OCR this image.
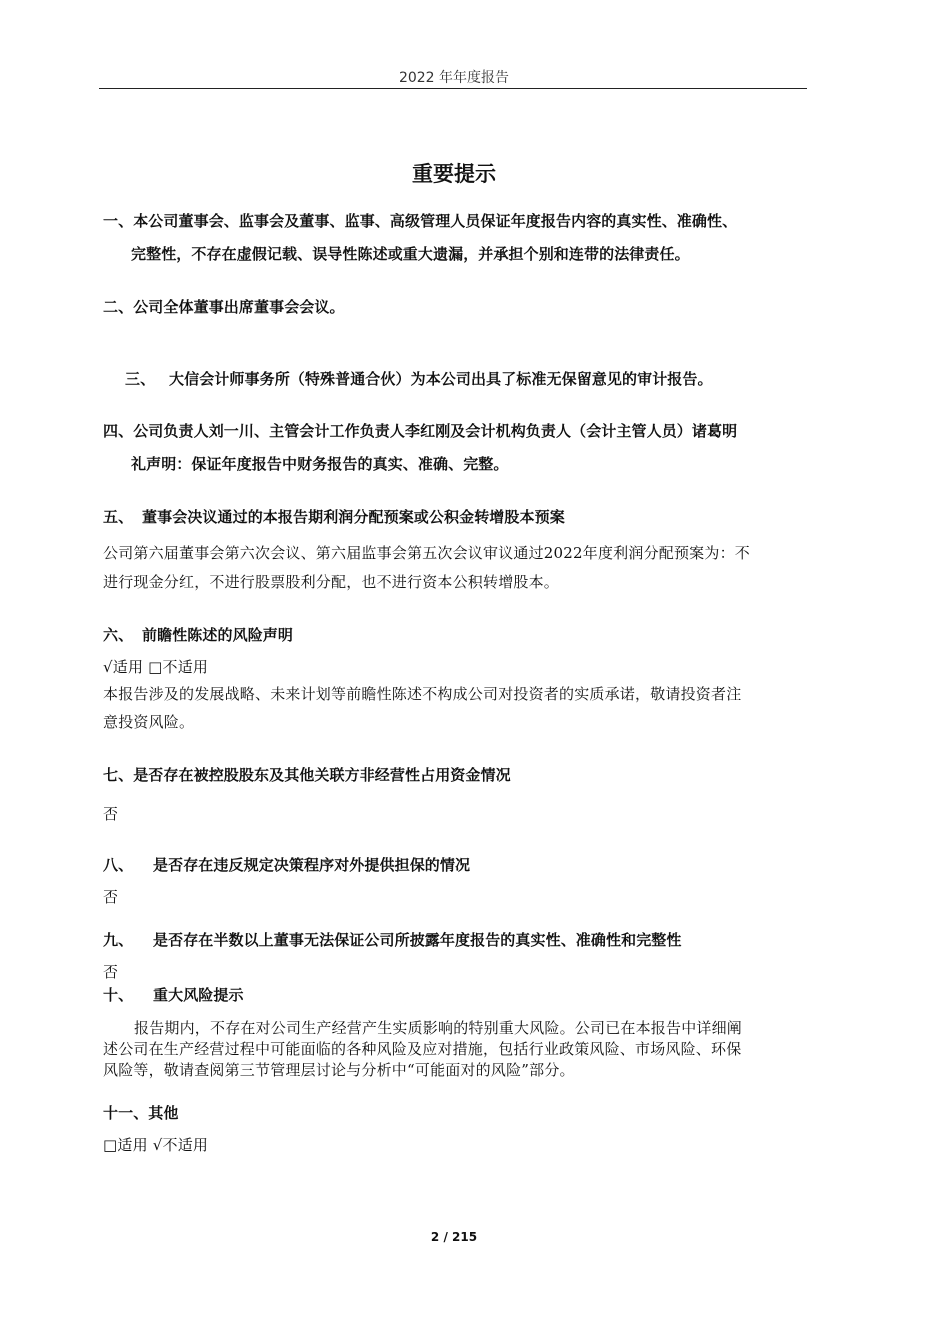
2022 年年度报告
重要提示
一、本公司董事会、监事会及董事、监事、高级管理人员保证年度报告内容的真实性、准确性、
完整性，不存在虚假记载、误导性陈述或重大遗漏，并承担个别和连带的法律责任。
二、公司全体董事出席董事会会议。
三、 大信会计师事务所（特殊普通合伙）为本公司出具了标准无保留意见的审计报告。
四、公司负责人刘一川、主管会计工作负责人李红刚及会计机构负责人（会计主管人员）诸葛明
礼声明：保证年度报告中财务报告的真实、准确、完整。
五、 董事会决议通过的本报告期利润分配预案或公积金转增股本预案
公司第六届董事会第六次会议、第六届监事会第五次会议审议通过2022年度利润分配预案为：不
进行现金分红，不进行股票股利分配，也不进行资本公积转增股本。
六、 前瞻性陈述的风险声明
√适用 □不适用
本报告涉及的发展战略、未来计划等前瞻性陈述不构成公司对投资者的实质承诺，敬请投资者注
意投资风险。
七、是否存在被控股股东及其他关联方非经营性占用资金情况
否
八、 是否存在违反规定决策程序对外提供担保的情况
否
九、 是否存在半数以上董事无法保证公司所披露年度报告的真实性、准确性和完整性
否
十、 重大风险提示
报告期内，不存在对公司生产经营产生实质影响的特别重大风险。公司已在本报告中详细阐
述公司在生产经营过程中可能面临的各种风险及应对措施，包括行业政策风险、市场风险、环保
风险等，敬请查阅第三节管理层讨论与分析中“可能面对的风险”部分。
十一、其他
□适用 √不适用
2 / 215
